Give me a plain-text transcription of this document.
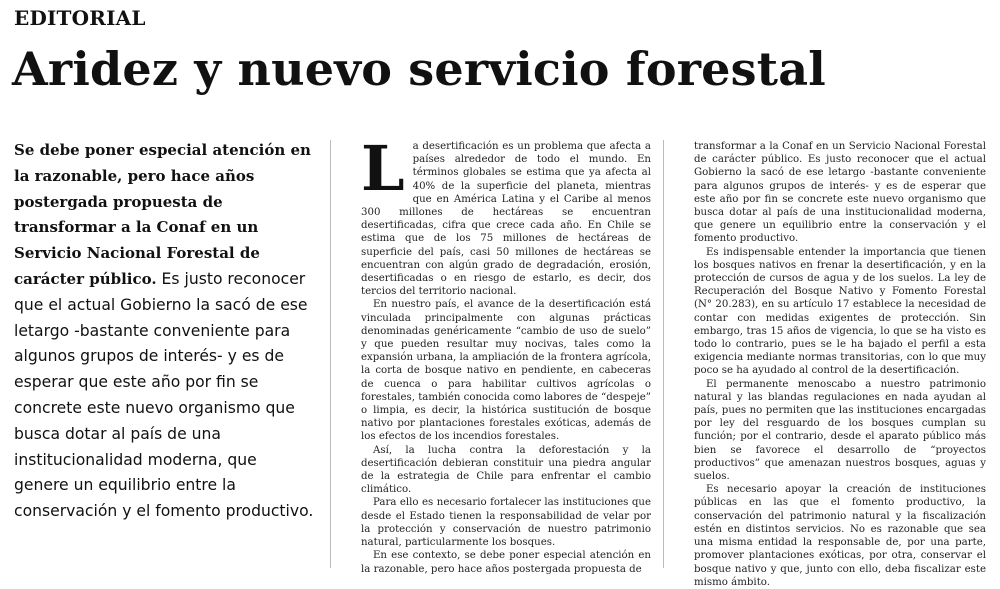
EDITORIAL
Aridez y nuevo servicio forestal
Se debe poner especial atención en la razonable, pero hace años postergada propuesta de transformar a la Conaf en un Servicio Nacional Forestal de carácter público. Es justo reconocer que el actual Gobierno la sacó de ese letargo -bastante conveniente para algunos grupos de interés- y es de esperar que este año por fin se concrete este nuevo organismo que busca dotar al país de una institucionalidad moderna, que genere un equilibrio entre la conservación y el fomento productivo.

La desertificación es un problema que afecta a países alrededor de todo el mundo. En términos globales se estima que ya afecta al 40% de la superficie del planeta, mientras que en América Latina y el Caribe al menos 300 millones de hectáreas se encuentran desertificadas, cifra que crece cada año. En Chile se estima que de los 75 millones de hectáreas de superficie del país, casi 50 millones de hectáreas se encuentran con algún grado de degradación, erosión, desertificadas o en riesgo de estarlo, es decir, dos tercios del territorio nacional.

En nuestro país, el avance de la desertificación está vinculada principalmente con algunas prácticas denominadas genéricamente “cambio de uso de suelo” y que pueden resultar muy nocivas, tales como la expansión urbana, la ampliación de la frontera agrícola, la corta de bosque nativo en pendiente, en cabeceras de cuenca o para habilitar cultivos agrícolas o forestales, también conocida como labores de “despeje” o limpia, es decir, la histórica sustitución de bosque nativo por plantaciones forestales exóticas, además de los efectos de los incendios forestales.

Así, la lucha contra la deforestación y la desertificación debieran constituir una piedra angular de la estrategia de Chile para enfrentar el cambio climático.

Para ello es necesario fortalecer las instituciones que desde el Estado tienen la responsabilidad de velar por la protección y conservación de nuestro patrimonio natural, particularmente los bosques.

En ese contexto, se debe poner especial atención en la razonable, pero hace años postergada propuesta de

transformar a la Conaf en un Servicio Nacional Forestal de carácter público. Es justo reconocer que el actual Gobierno la sacó de ese letargo -bastante conveniente para algunos grupos de interés- y es de esperar que este año por fin se concrete este nuevo organismo que busca dotar al país de una institucionalidad moderna, que genere un equilibrio entre la conservación y el fomento productivo.

Es indispensable entender la importancia que tienen los bosques nativos en frenar la desertificación, y en la protección de cursos de agua y de los suelos. La ley de Recuperación del Bosque Nativo y Fomento Forestal (N° 20.283), en su artículo 17 establece la necesidad de contar con medidas exigentes de protección. Sin embargo, tras 15 años de vigencia, lo que se ha visto es todo lo contrario, pues se le ha bajado el perfil a esta exigencia mediante normas transitorias, con lo que muy poco se ha ayudado al control de la desertificación.

El permanente menoscabo a nuestro patrimonio natural y las blandas regulaciones en nada ayudan al país, pues no permiten que las instituciones encargadas por ley del resguardo de los bosques cumplan su función; por el contrario, desde el aparato público más bien se favorece el desarrollo de “proyectos productivos” que amenazan nuestros bosques, aguas y suelos.

Es necesario apoyar la creación de instituciones públicas en las que el fomento productivo, la conservación del patrimonio natural y la fiscalización estén en distintos servicios. No es razonable que sea una misma entidad la responsable de, por una parte, promover plantaciones exóticas, por otra, conservar el bosque nativo y que, junto con ello, deba fiscalizar este mismo ámbito.
